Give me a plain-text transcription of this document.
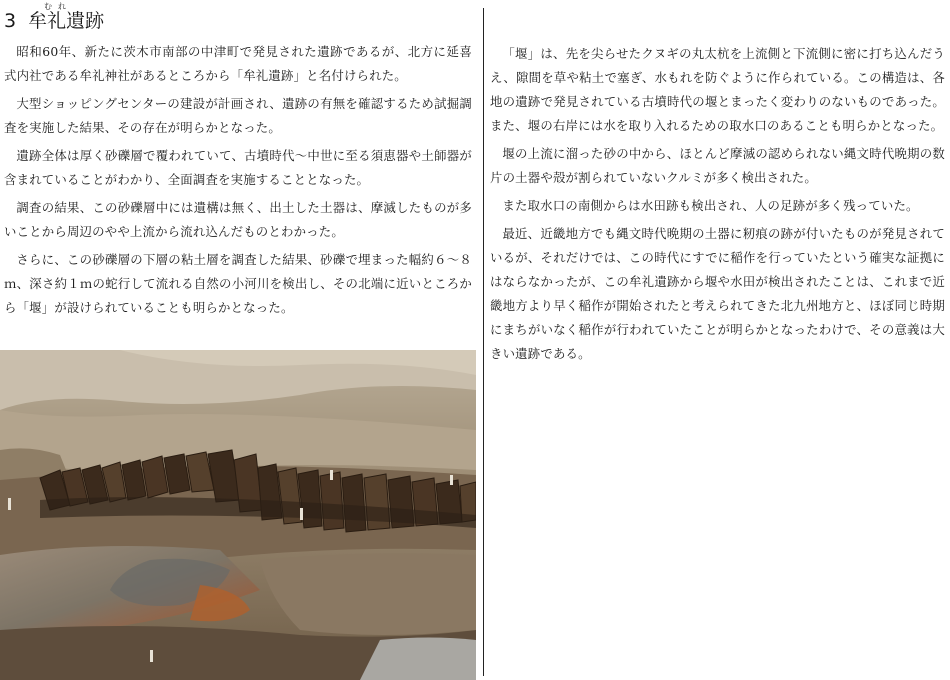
むれ
3 牟礼遺跡

昭和60年、新たに茨木市南部の中津町で発見された遺跡であるが、北方に延喜式内社である牟礼神社があるところから「牟礼遺跡」と名付けられた。

大型ショッピングセンターの建設が計画され、遺跡の有無を確認するため試掘調査を実施した結果、その存在が明らかとなった。

遺跡全体は厚く砂礫層で覆われていて、古墳時代～中世に至る須恵器や土師器が含まれていることがわかり、全面調査を実施することとなった。

調査の結果、この砂礫層中には遺構は無く、出土した土器は、摩滅したものが多いことから周辺のやや上流から流れ込んだものとわかった。

さらに、この砂礫層の下層の粘土層を調査した結果、砂礫で埋まった幅約６～８ｍ、深さ約１ｍの蛇行して流れる自然の小河川を検出し、その北端に近いところから「堰」が設けられていることも明らかとなった。

「堰」は、先を尖らせたクヌギの丸太杭を上流側と下流側に密に打ち込んだうえ、隙間を草や粘土で塞ぎ、水もれを防ぐように作られている。この構造は、各地の遺跡で発見されている古墳時代の堰とまったく変わりのないものであった。また、堰の右岸には水を取り入れるための取水口のあることも明らかとなった。

堰の上流に溜った砂の中から、ほとんど摩滅の認められない縄文時代晩期の数片の土器や殻が割られていないクルミが多く検出された。

また取水口の南側からは水田跡も検出され、人の足跡が多く残っていた。

最近、近畿地方でも縄文時代晩期の土器に籾痕の跡が付いたものが発見されているが、それだけでは、この時代にすでに稲作を行っていたという確実な証拠にはならなかったが、この牟礼遺跡から堰や水田が検出されたことは、これまで近畿地方より早く稲作が開始されたと考えられてきた北九州地方と、ほぼ同じ時期にまちがいなく稲作が行われていたことが明らかとなったわけで、その意義は大きい遺跡である。
